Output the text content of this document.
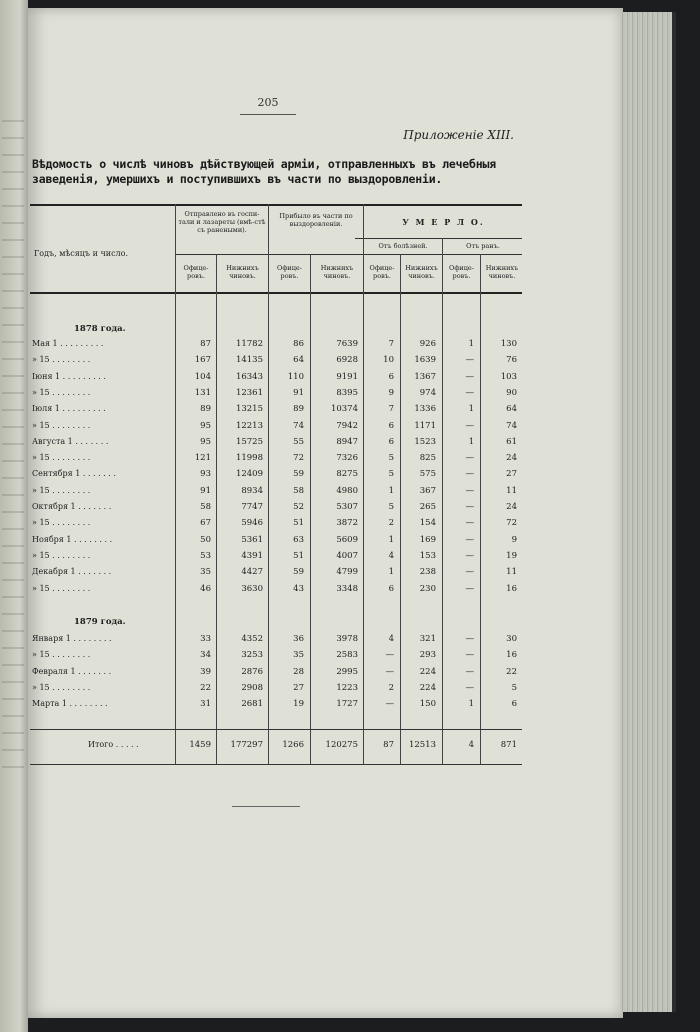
205
Приложеніе XIII.
Вѣдомость о числѣ чиновъ дѣйствующей арміи, отправленныхъ въ лечебныя
заведенія, умершихъ и поступившихъ въ части по выздоровленіи.
Годъ, мѣсяцъ и число.
Отправлено въ госпи-тали и лазареты (вмѣ-стѣ съ ранеными).
Прибыло въ части по выздоровленіи.	У М Е Р Л О.
Отъ болѣзней.	Отъ ранъ.
Офице-ровъ.
Нижнихъ чиновъ.
Офице-ровъ.
Нижнихъ чиновъ.
Офице-ровъ.
Нижнихъ чиновъ.
Офице-ровъ.
Нижнихъ чиновъ.
1878 года.
1879 года.
Мая 1 . . . . . . . . .	87	11782	86	7639	7	926	1	130
» 15 . . . . . . . .	167	14135	64	6928	10	1639	—	76
Іюня 1 . . . . . . . . .	104	16343	110	9191	6	1367	—	103
» 15 . . . . . . . .	131	12361	91	8395	9	974	—	90
Іюля 1 . . . . . . . . .	89	13215	89	10374	7	1336	1	64
» 15 . . . . . . . .	95	12213	74	7942	6	1171	—	74
Августа 1 . . . . . . .	95	15725	55	8947	6	1523	1	61
» 15 . . . . . . . .	121	11998	72	7326	5	825	—	24
Сентября 1 . . . . . . .	93	12409	59	8275	5	575	—	27
» 15 . . . . . . . .	91	8934	58	4980	1	367	—	11
Октября 1 . . . . . . .	58	7747	52	5307	5	265	—	24
» 15 . . . . . . . .	67	5946	51	3872	2	154	—	72
Ноября 1 . . . . . . . .	50	5361	63	5609	1	169	—	9
» 15 . . . . . . . .	53	4391	51	4007	4	153	—	19
Декабря 1 . . . . . . .	35	4427	59	4799	1	238	—	11
» 15 . . . . . . . .	46	3630	43	3348	6	230	—	16
Января 1 . . . . . . . .	33	4352	36	3978	4	321	—	30
» 15 . . . . . . . .	34	3253	35	2583	—	293	—	16
Февраля 1 . . . . . . .	39	2876	28	2995	—	224	—	22
» 15 . . . . . . . .	22	2908	27	1223	2	224	—	5
Марта 1 . . . . . . . .	31	2681	19	1727	—	150	1	6
Итого . . . . .	1459	177297	1266	120275	87	12513	4	871
